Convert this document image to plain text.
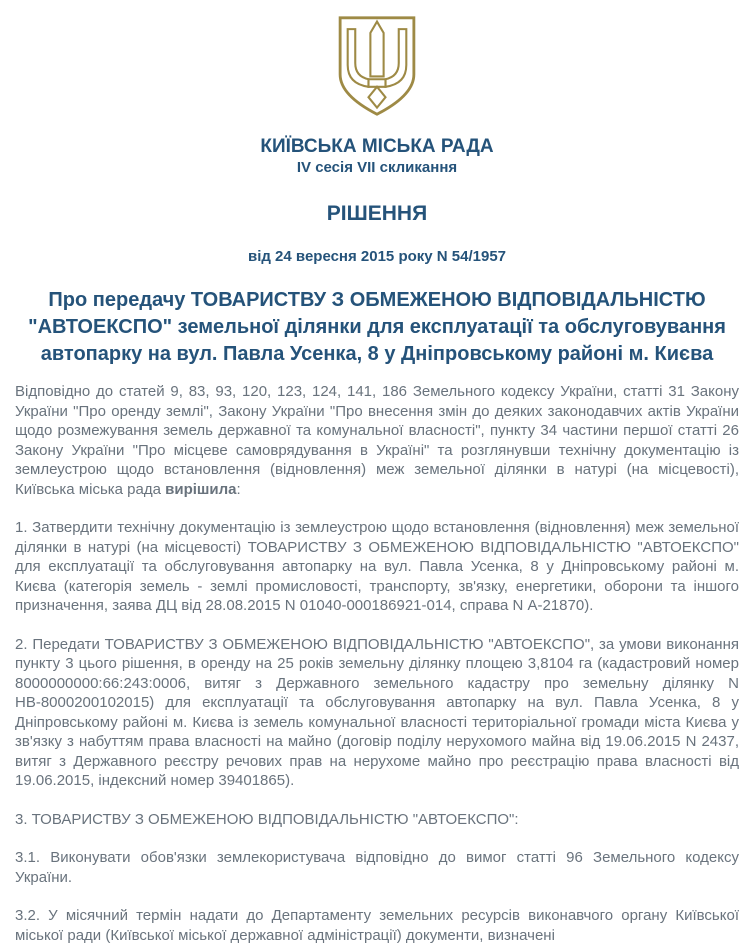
КИЇВСЬКА МІСЬКА РАДА
IV сесія VII скликання
РІШЕННЯ
від 24 вересня 2015 року N 54/1957
Про передачу ТОВАРИСТВУ З ОБМЕЖЕНОЮ ВІДПОВІДАЛЬНІСТЮ "АВТОЕКСПО" земельної ділянки для експлуатації та обслуговування автопарку на вул. Павла Усенка, 8 у Дніпровському районі м. Києва

Відповідно до статей 9, 83, 93, 120, 123, 124, 141, 186 Земельного кодексу України, статті 31 Закону України "Про оренду землі", Закону України "Про внесення змін до деяких законодавчих актів України щодо розмежування земель державної та комунальної власності", пункту 34 частини першої статті 26 Закону України "Про місцеве самоврядування в Україні" та розглянувши технічну документацію із землеустрою щодо встановлення (відновлення) меж земельної ділянки в натурі (на місцевості), Київська міська рада вирішила:

1. Затвердити технічну документацію із землеустрою щодо встановлення (відновлення) меж земельної ділянки в натурі (на місцевості) ТОВАРИСТВУ З ОБМЕЖЕНОЮ ВІДПОВІДАЛЬНІСТЮ "АВТОЕКСПО" для експлуатації та обслуговування автопарку на вул. Павла Усенка, 8 у Дніпровському районі м. Києва (категорія земель - землі промисловості, транспорту, зв'язку, енергетики, оборони та іншого призначення, заява ДЦ від 28.08.2015 N 01040-000186921-014, справа N А-21870).

2. Передати ТОВАРИСТВУ З ОБМЕЖЕНОЮ ВІДПОВІДАЛЬНІСТЮ "АВТОЕКСПО", за умови виконання пункту 3 цього рішення, в оренду на 25 років земельну ділянку площею 3,8104 га (кадастровий номер 8000000000:66:243:0006, витяг з Державного земельного кадастру про земельну ділянку N НВ-8000200102015) для експлуатації та обслуговування автопарку на вул. Павла Усенка, 8 у Дніпровському районі м. Києва із земель комунальної власності територіальної громади міста Києва у зв'язку з набуттям права власності на майно (договір поділу нерухомого майна від 19.06.2015 N 2437, витяг з Державного реєстру речових прав на нерухоме майно про реєстрацію права власності від 19.06.2015, індексний номер 39401865).

3. ТОВАРИСТВУ З ОБМЕЖЕНОЮ ВІДПОВІДАЛЬНІСТЮ "АВТОЕКСПО":

3.1. Виконувати обов'язки землекористувача відповідно до вимог статті 96 Земельного кодексу України.

3.2. У місячний термін надати до Департаменту земельних ресурсів виконавчого органу Київської міської ради (Київської міської державної адміністрації) документи, визначені
